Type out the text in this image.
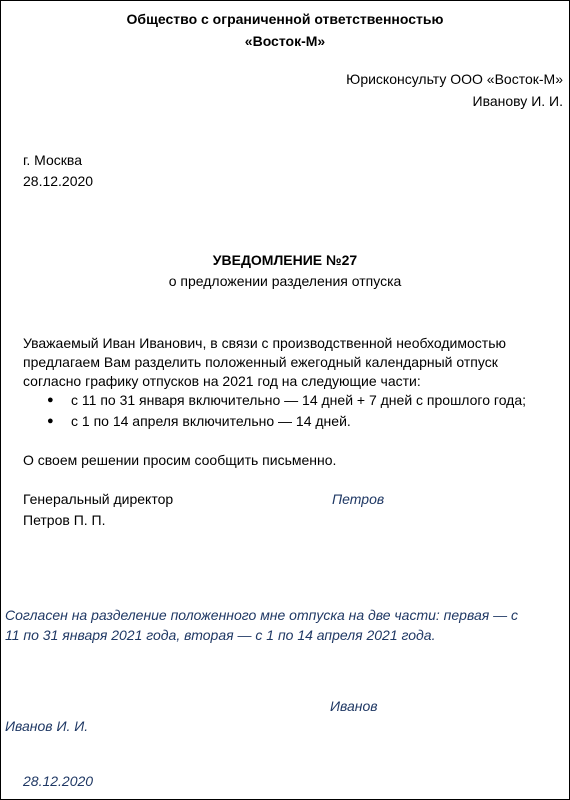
Общество с ограниченной ответственностью
«Восток-М»
Юрисконсульту ООО «Восток-М»
Иванову И. И.
г. Москва
28.12.2020
УВЕДОМЛЕНИЕ №27
о предложении разделения отпуска
Уважаемый Иван Иванович, в связи с производственной необходимостью
предлагаем Вам разделить положенный ежегодный календарный отпуск
согласно графику отпусков на 2021 год на следующие части:
● с 11 по 31 января включительно — 14 дней + 7 дней с прошлого года;
● с 1 по 14 апреля включительно — 14 дней.
О своем решении просим сообщить письменно.
Генеральный директор	Петров
Петров П. П.
Согласен на разделение положенного мне отпуска на две части: первая — с
11 по 31 января 2021 года, вторая — с 1 по 14 апреля 2021 года.
Иванов
Иванов И. И.
28.12.2020
